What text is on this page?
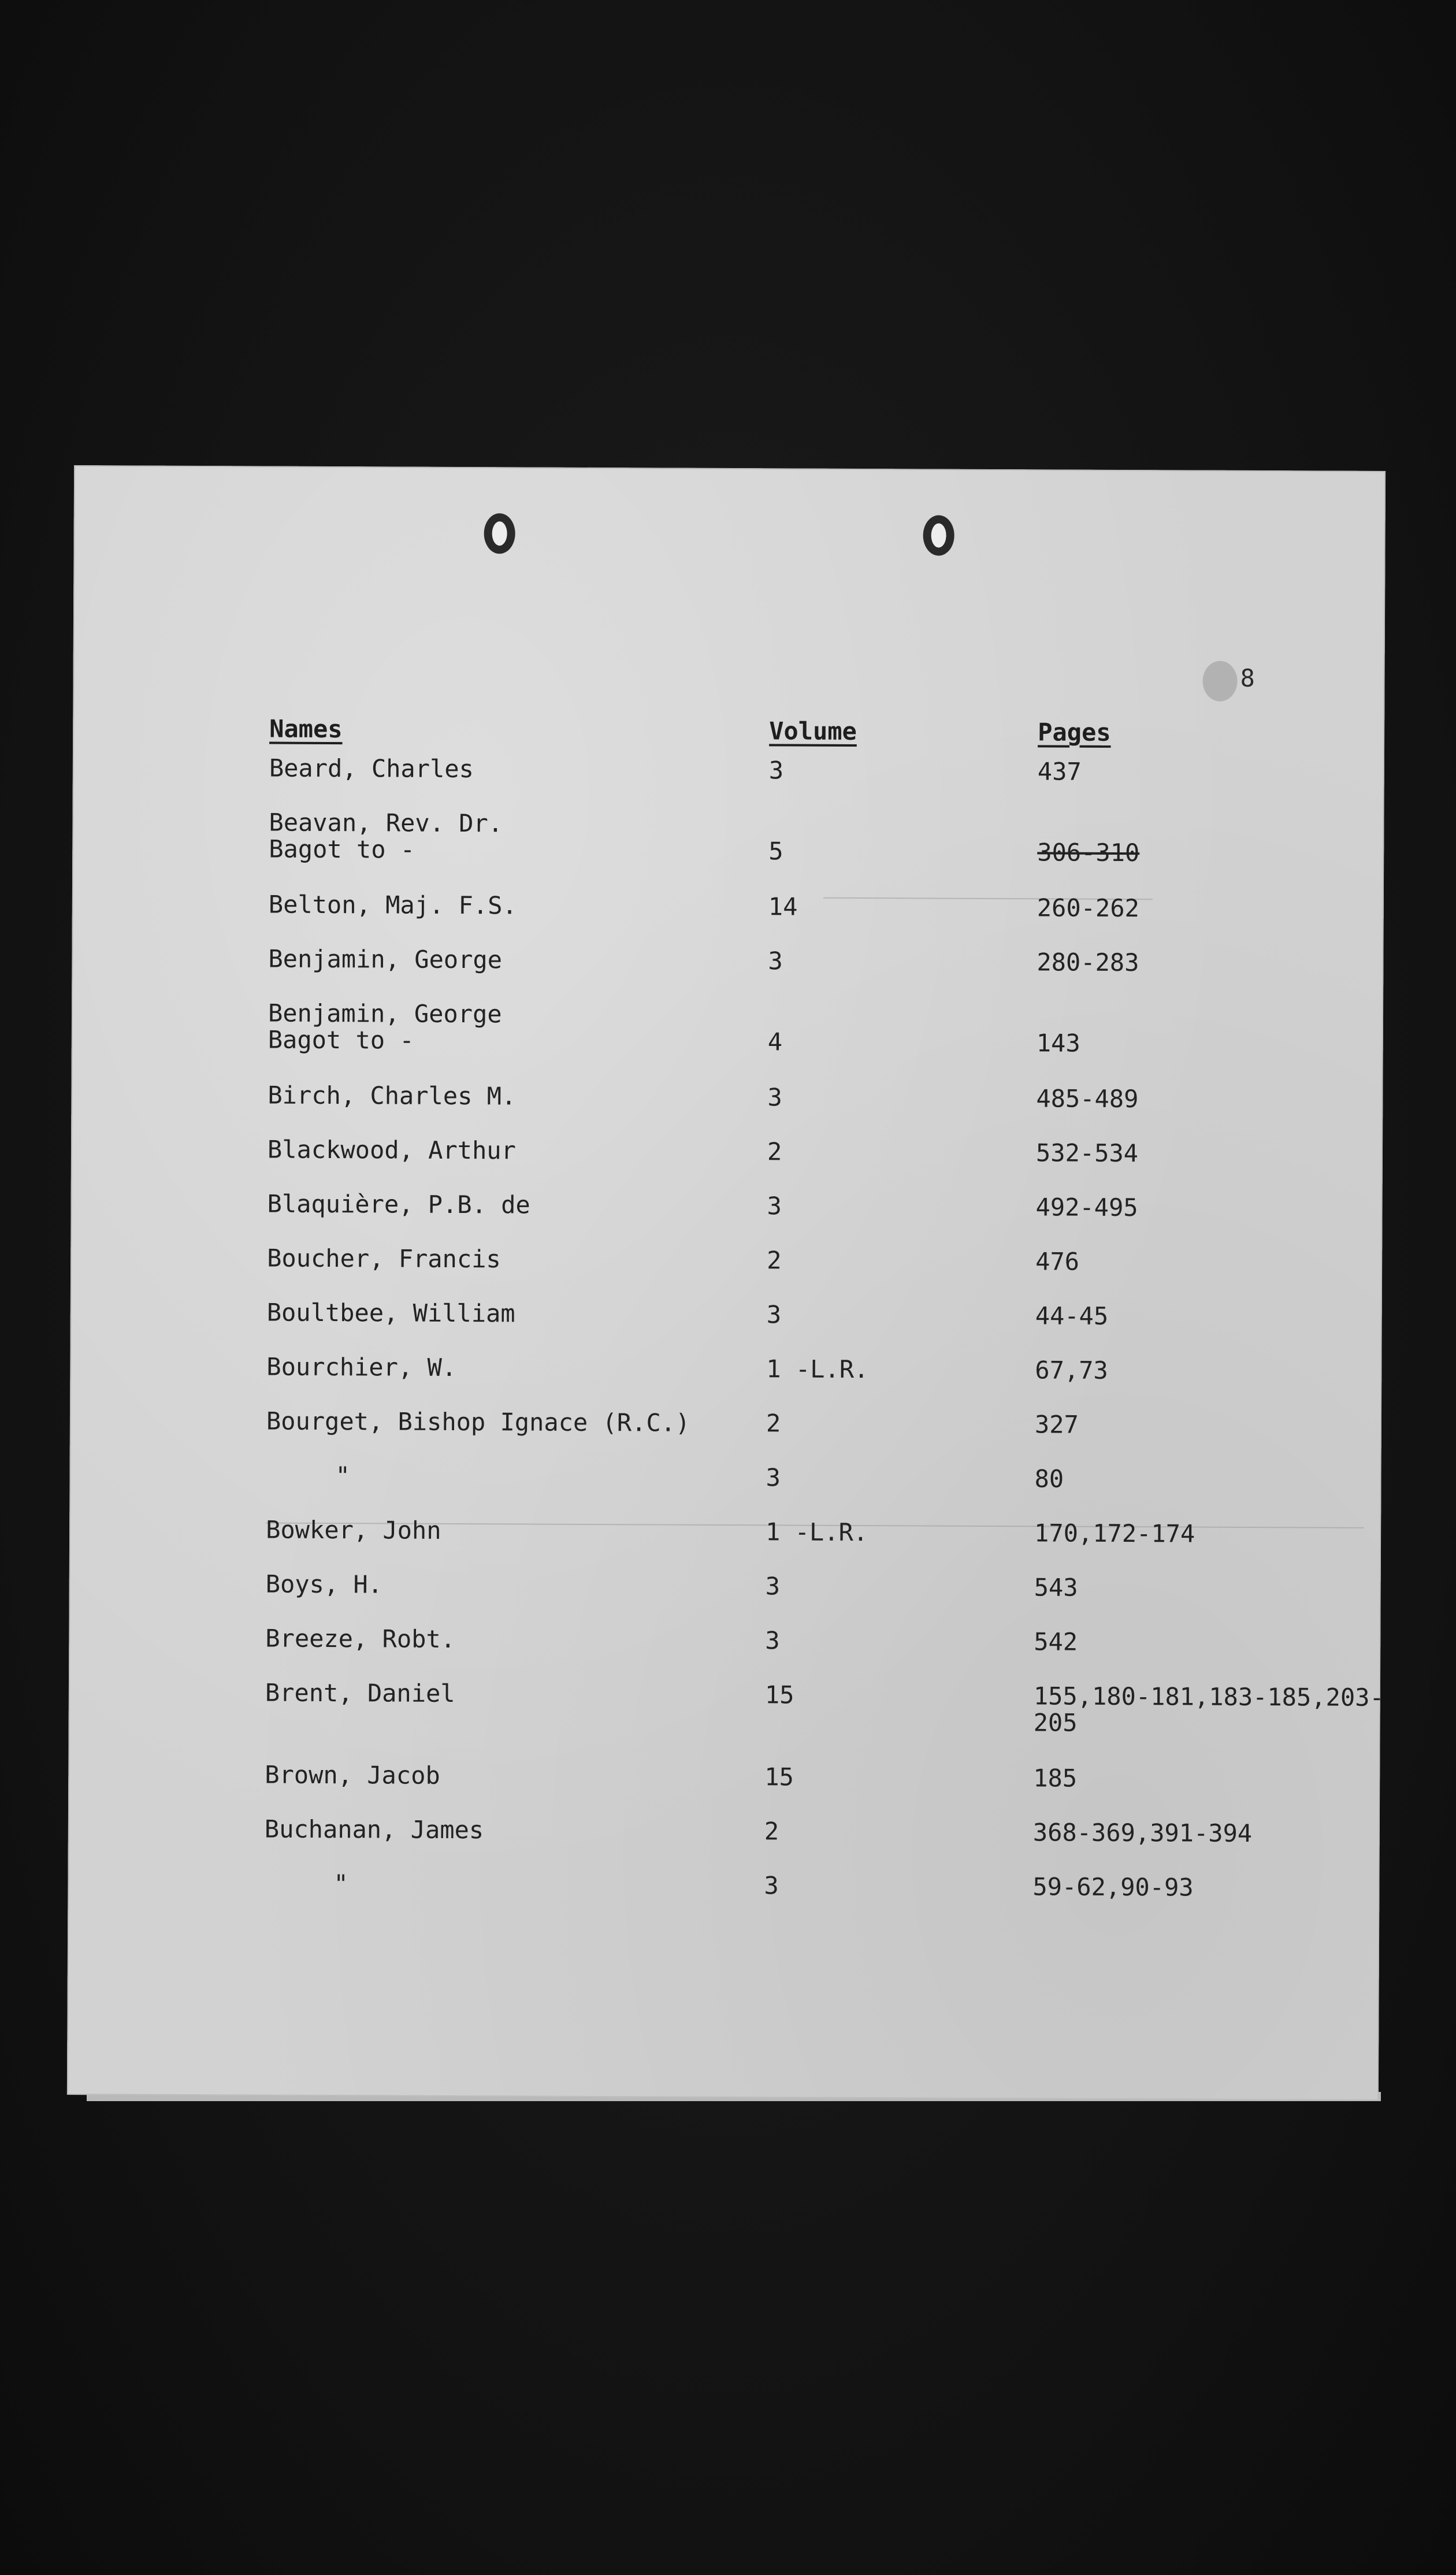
8
Names	Volume	Pages
Beard, Charles	3	437
Beavan, Rev. Dr.
Bagot to -	5	306-310
Belton, Maj. F.S.	14	260-262
Benjamin, George	3	280-283
Benjamin, George
Bagot to -	4	143
Birch, Charles M.	3	485-489
Blackwood, Arthur	2	532-534
Blaquière, P.B. de	3	492-495
Boucher, Francis	2	476
Boultbee, William	3	44-45
Bourchier, W.	1 -L.R.	67,73
Bourget, Bishop Ignace (R.C.)	2	327
"	3	80
Bowker, John	1 -L.R.	170,172-174
Boys, H.	3	543
Breeze, Robt.	3	542
Brent, Daniel	15	155,180-181,183-185,203-205
Brown, Jacob	15	185
Buchanan, James	2	368-369,391-394
"	3	59-62,90-93
